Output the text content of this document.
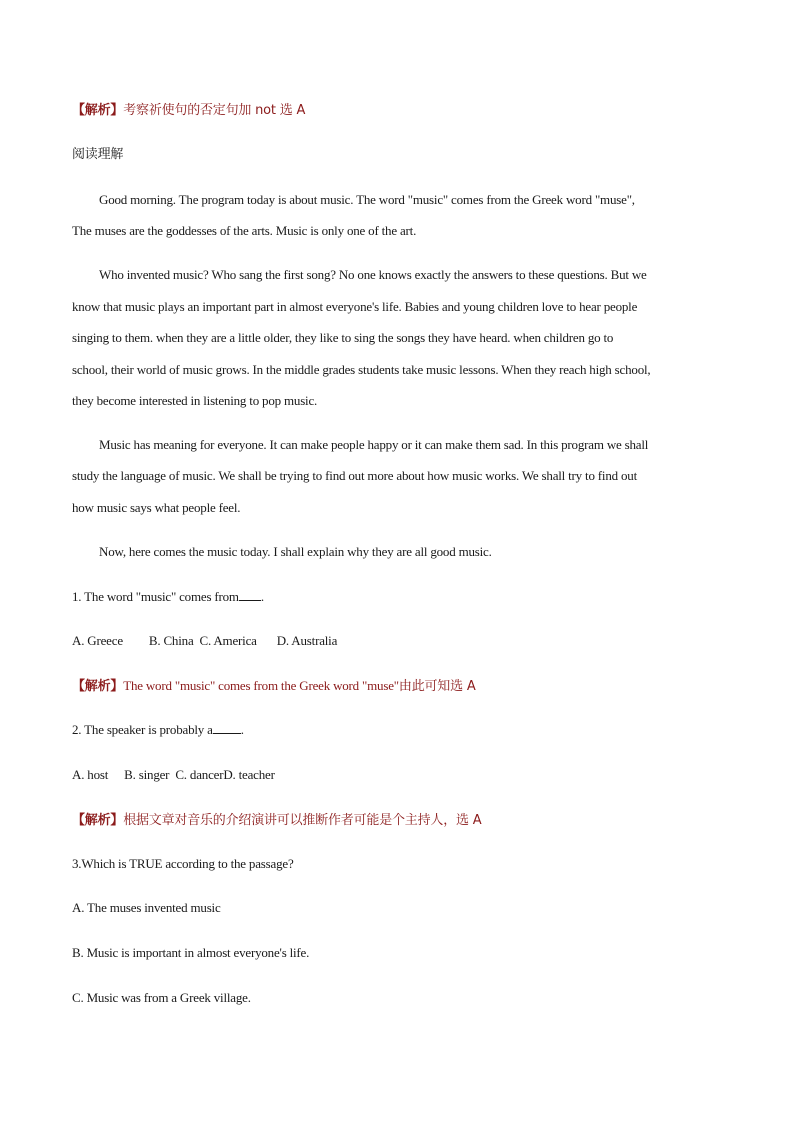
【解析】考察祈使句的否定句加 not 选 A
阅读理解
Good morning. The program today is about music. The word "music" comes from the Greek word "muse",
The muses are the goddesses of the arts. Music is only one of the art.
Who invented music? Who sang the first song? No one knows exactly the answers to these questions. But we
know that music plays an important part in almost everyone's life. Babies and young children love to hear people
singing to them. when they are a little older, they like to sing the songs they have heard. when children go to
school, their world of music grows. In the middle grades students take music lessons. When they reach high school,
they become interested in listening to pop music.
Music has meaning for everyone. It can make people happy or it can make them sad. In this program we shall
study the language of music. We shall be trying to find out more about how music works. We shall try to find out
how music says what people feel.
Now, here comes the music today. I shall explain why they are all good music.
1. The word "music" comes from .
A. Greece B. China C. America D. Australia
【解析】The word "music" comes from the Greek word "muse"由此可知选 A
2. The speaker is probably a .
A. host B. singer C. dancerD. teacher
【解析】根据文章对音乐的介绍演讲可以推断作者可能是个主持人，选 A
3.Which is TRUE according to the passage?
A. The muses invented music
B. Music is important in almost everyone's life.
C. Music was from a Greek village.
